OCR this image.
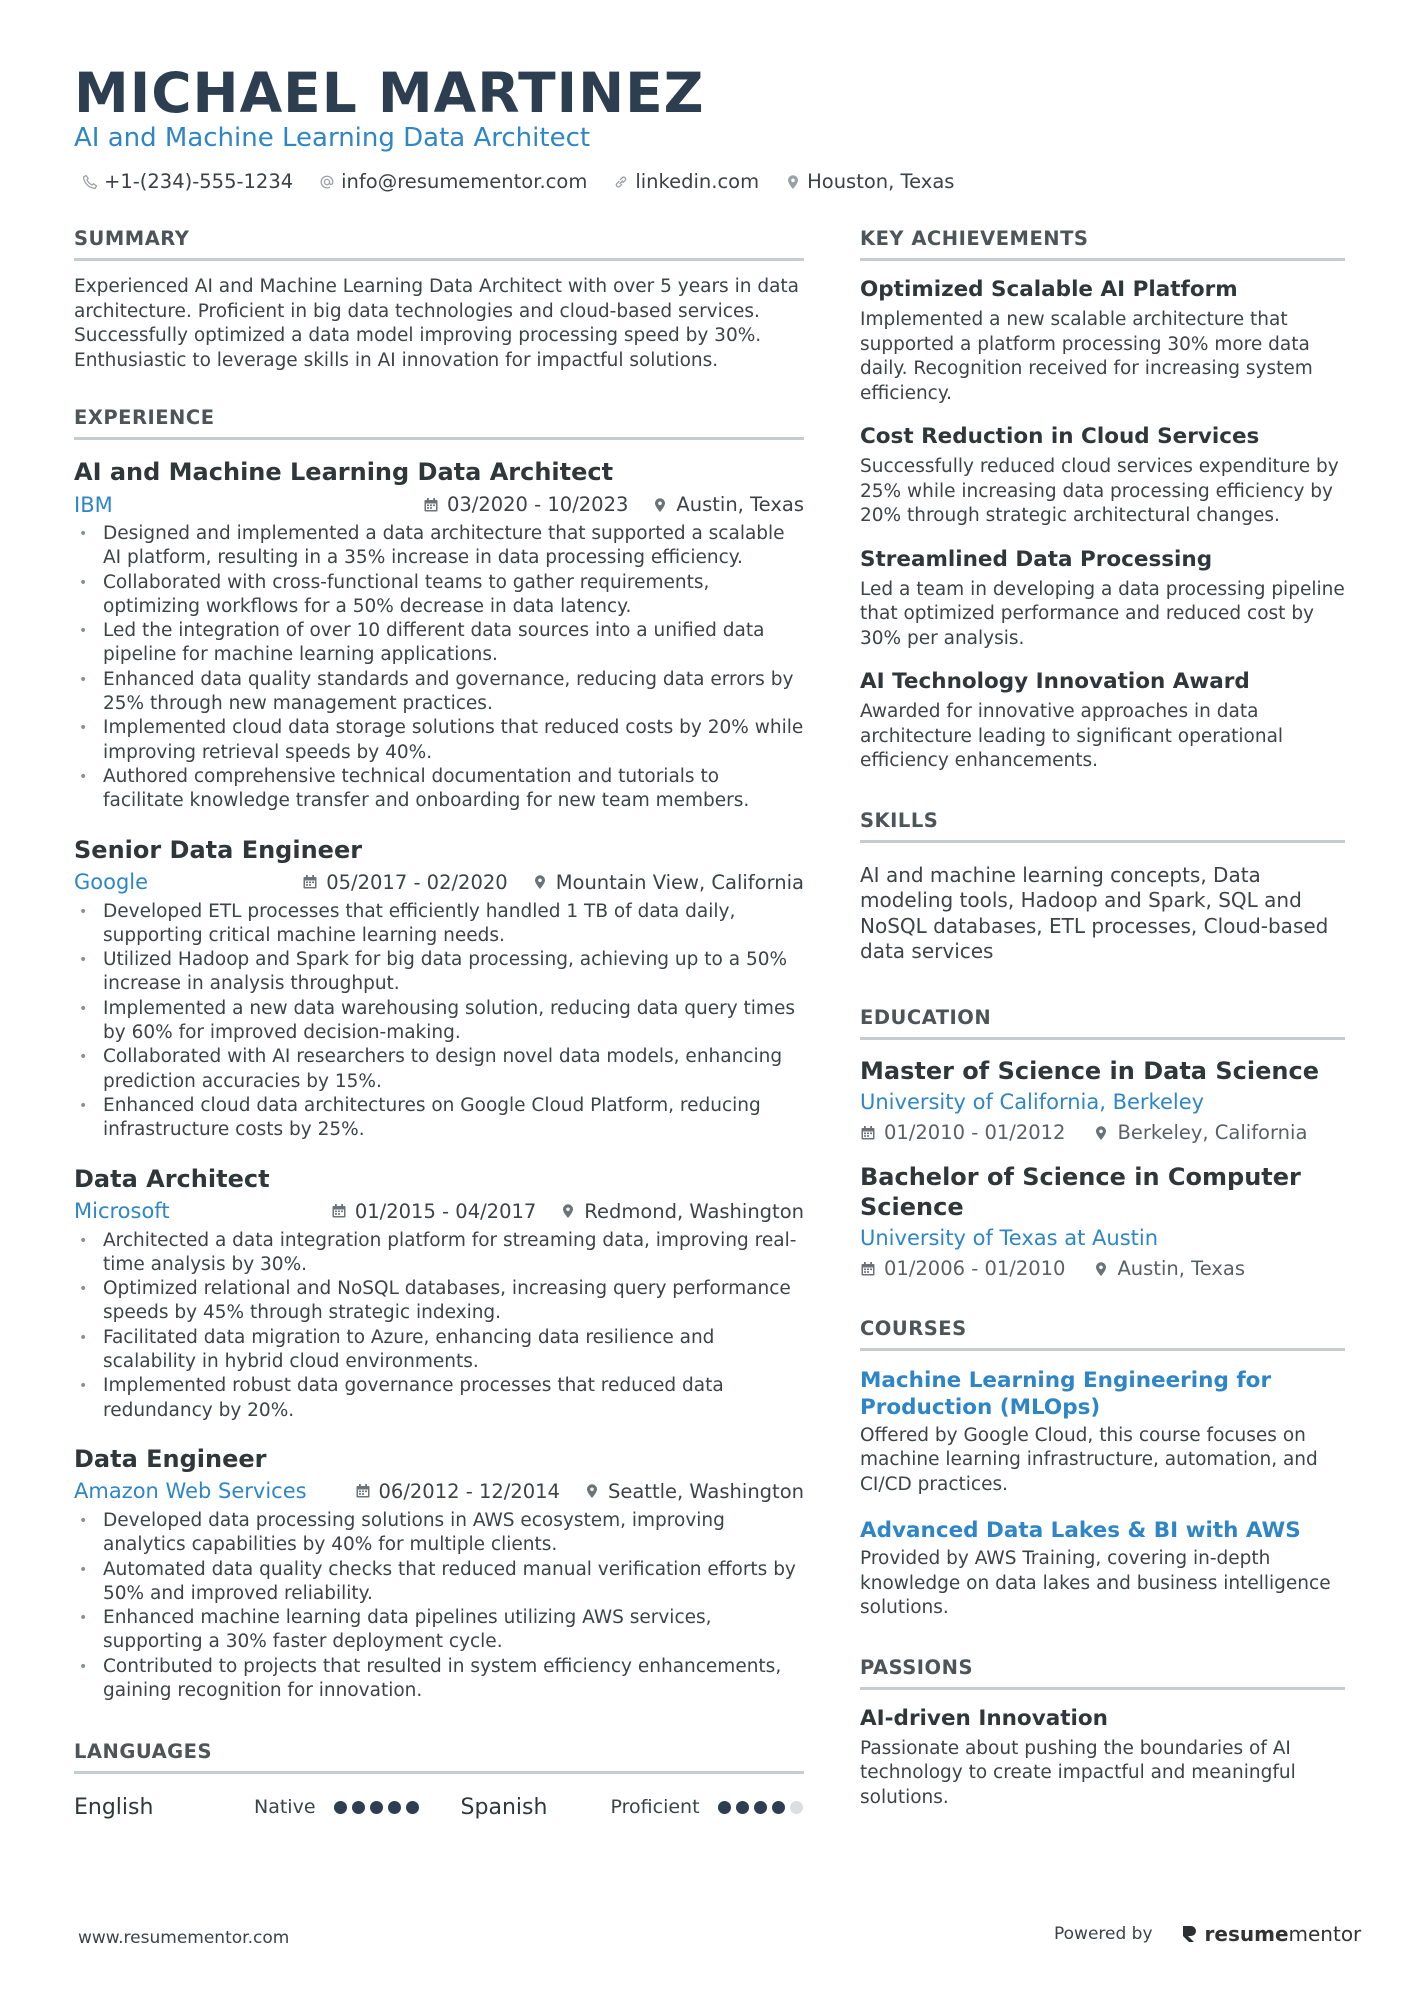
MICHAEL MARTINEZ
AI and Machine Learning Data Architect
+1-(234)-555-1234 info@resumementor.com linkedin.com Houston, Texas
SUMMARY

Experienced AI and Machine Learning Data Architect with over 5 years in data architecture. Proficient in big data technologies and cloud-based services. Successfully optimized a data model improving processing speed by 30%. Enthusiastic to leverage skills in AI innovation for impactful solutions.

EXPERIENCE
AI and Machine Learning Data Architect
IBM	03/2020 - 10/2023 Austin, Texas
• Designed and implemented a data architecture that supported a scalable AI platform, resulting in a 35% increase in data processing efficiency.
• Collaborated with cross-functional teams to gather requirements, optimizing workflows for a 50% decrease in data latency.
• Led the integration of over 10 different data sources into a unified data pipeline for machine learning applications.
• Enhanced data quality standards and governance, reducing data errors by 25% through new management practices.
• Implemented cloud data storage solutions that reduced costs by 20% while improving retrieval speeds by 40%.
• Authored comprehensive technical documentation and tutorials to facilitate knowledge transfer and onboarding for new team members.
Senior Data Engineer
Google	05/2017 - 02/2020 Mountain View, California
• Developed ETL processes that efficiently handled 1 TB of data daily, supporting critical machine learning needs.
• Utilized Hadoop and Spark for big data processing, achieving up to a 50% increase in analysis throughput.
• Implemented a new data warehousing solution, reducing data query times by 60% for improved decision-making.
• Collaborated with AI researchers to design novel data models, enhancing prediction accuracies by 15%.
• Enhanced cloud data architectures on Google Cloud Platform, reducing infrastructure costs by 25%.
Data Architect
Microsoft	01/2015 - 04/2017 Redmond, Washington
• Architected a data integration platform for streaming data, improving real-time analysis by 30%.
• Optimized relational and NoSQL databases, increasing query performance speeds by 45% through strategic indexing.
• Facilitated data migration to Azure, enhancing data resilience and scalability in hybrid cloud environments.
• Implemented robust data governance processes that reduced data redundancy by 20%.
Data Engineer
Amazon Web Services	06/2012 - 12/2014 Seattle, Washington
• Developed data processing solutions in AWS ecosystem, improving analytics capabilities by 40% for multiple clients.
• Automated data quality checks that reduced manual verification efforts by 50% and improved reliability.
• Enhanced machine learning data pipelines utilizing AWS services, supporting a 30% faster deployment cycle.
• Contributed to projects that resulted in system efficiency enhancements, gaining recognition for innovation.
LANGUAGES
English	Native	Spanish	Proficient
KEY ACHIEVEMENTS
Optimized Scalable AI Platform

Implemented a new scalable architecture that supported a platform processing 30% more data daily. Recognition received for increasing system efficiency.

Cost Reduction in Cloud Services

Successfully reduced cloud services expenditure by 25% while increasing data processing efficiency by 20% through strategic architectural changes.

Streamlined Data Processing

Led a team in developing a data processing pipeline that optimized performance and reduced cost by 30% per analysis.

AI Technology Innovation Award

Awarded for innovative approaches in data architecture leading to significant operational efficiency enhancements.

SKILLS

AI and machine learning concepts, Data modeling tools, Hadoop and Spark, SQL and NoSQL databases, ETL processes, Cloud-based data services

EDUCATION
Master of Science in Data Science

University of California, Berkeley

01/2010 - 01/2012	Berkeley, California
Bachelor of Science in Computer Science

University of Texas at Austin

01/2006 - 01/2010	Austin, Texas
COURSES
Machine Learning Engineering for Production (MLOps)

Offered by Google Cloud, this course focuses on machine learning infrastructure, automation, and CI/CD practices.

Advanced Data Lakes & BI with AWS

Provided by AWS Training, covering in-depth knowledge on data lakes and business intelligence solutions.

PASSIONS
AI-driven Innovation

Passionate about pushing the boundaries of AI technology to create impactful and meaningful solutions.

www.resumementor.com	Powered by	resumementor
